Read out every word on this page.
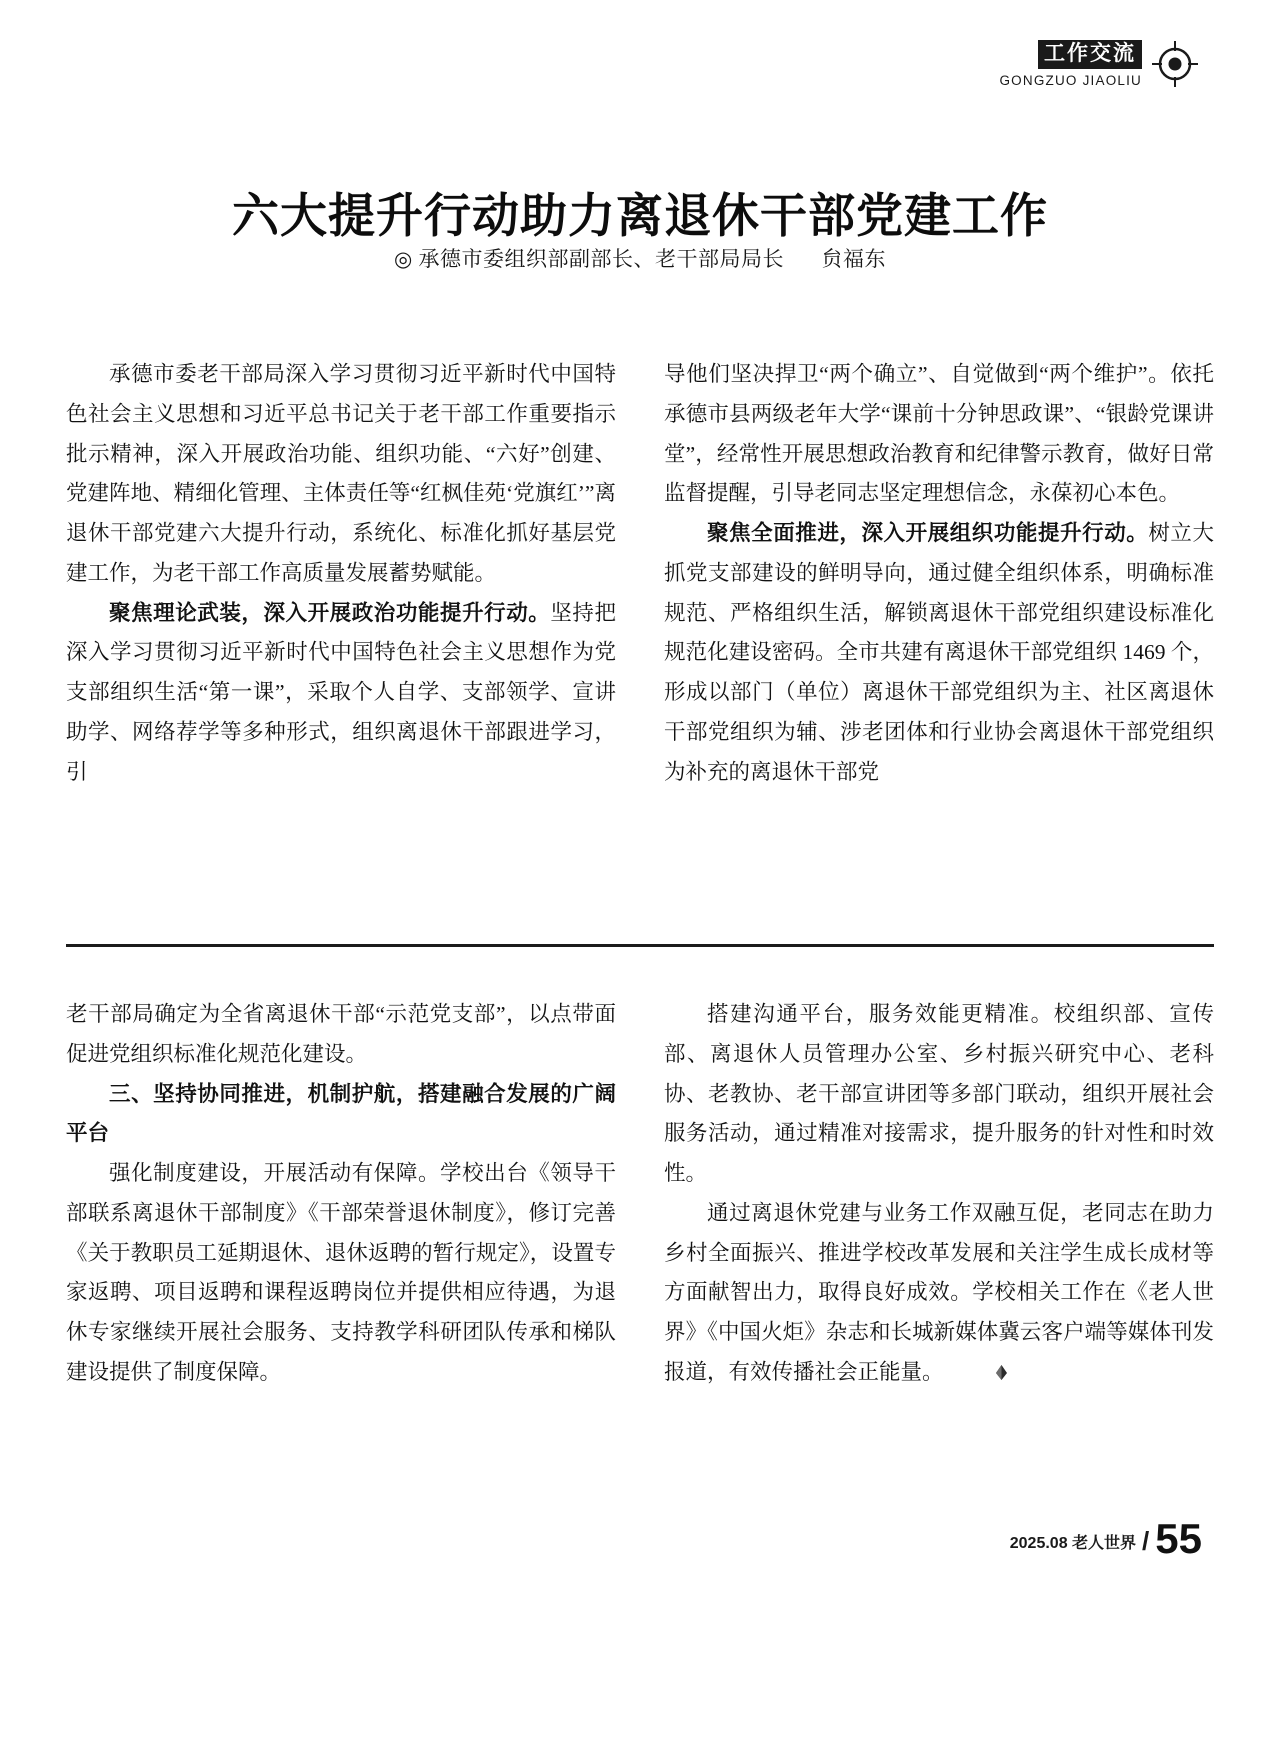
工作交流
GONGZUO JIAOLIU
六大提升行动助力离退休干部党建工作
◎ 承德市委组织部副部长、老干部局局长 贠福东

承德市委老干部局深入学习贯彻习近平新时代中国特色社会主义思想和习近平总书记关于老干部工作重要指示批示精神，深入开展政治功能、组织功能、“六好”创建、党建阵地、精细化管理、主体责任等“红枫佳苑‘党旗红’”离退休干部党建六大提升行动，系统化、标准化抓好基层党建工作，为老干部工作高质量发展蓄势赋能。

聚焦理论武装，深入开展政治功能提升行动。坚持把深入学习贯彻习近平新时代中国特色社会主义思想作为党支部组织生活“第一课”，采取个人自学、支部领学、宣讲助学、网络荐学等多种形式，组织离退休干部跟进学习，引

导他们坚决捍卫“两个确立”、自觉做到“两个维护”。依托承德市县两级老年大学“课前十分钟思政课”、“银龄党课讲堂”，经常性开展思想政治教育和纪律警示教育，做好日常监督提醒，引导老同志坚定理想信念，永葆初心本色。

聚焦全面推进，深入开展组织功能提升行动。树立大抓党支部建设的鲜明导向，通过健全组织体系，明确标准规范、严格组织生活，解锁离退休干部党组织建设标准化规范化建设密码。全市共建有离退休干部党组织 1469 个，形成以部门（单位）离退休干部党组织为主、社区离退休干部党组织为辅、涉老团体和行业协会离退休干部党组织为补充的离退休干部党

老干部局确定为全省离退休干部“示范党支部”，以点带面促进党组织标准化规范化建设。

三、坚持协同推进，机制护航，搭建融合发展的广阔平台

强化制度建设，开展活动有保障。学校出台《领导干部联系离退休干部制度》《干部荣誉退休制度》，修订完善《关于教职员工延期退休、退休返聘的暂行规定》，设置专家返聘、项目返聘和课程返聘岗位并提供相应待遇，为退休专家继续开展社会服务、支持教学科研团队传承和梯队建设提供了制度保障。

搭建沟通平台，服务效能更精准。校组织部、宣传部、离退休人员管理办公室、乡村振兴研究中心、老科协、老教协、老干部宣讲团等多部门联动，组织开展社会服务活动，通过精准对接需求，提升服务的针对性和时效性。

通过离退休党建与业务工作双融互促，老同志在助力乡村全面振兴、推进学校改革发展和关注学生成长成材等方面献智出力，取得良好成效。学校相关工作在《老人世界》《中国火炬》杂志和长城新媒体冀云客户端等媒体刊发报道，有效传播社会正能量。

2025.08 老人世界 / 55
